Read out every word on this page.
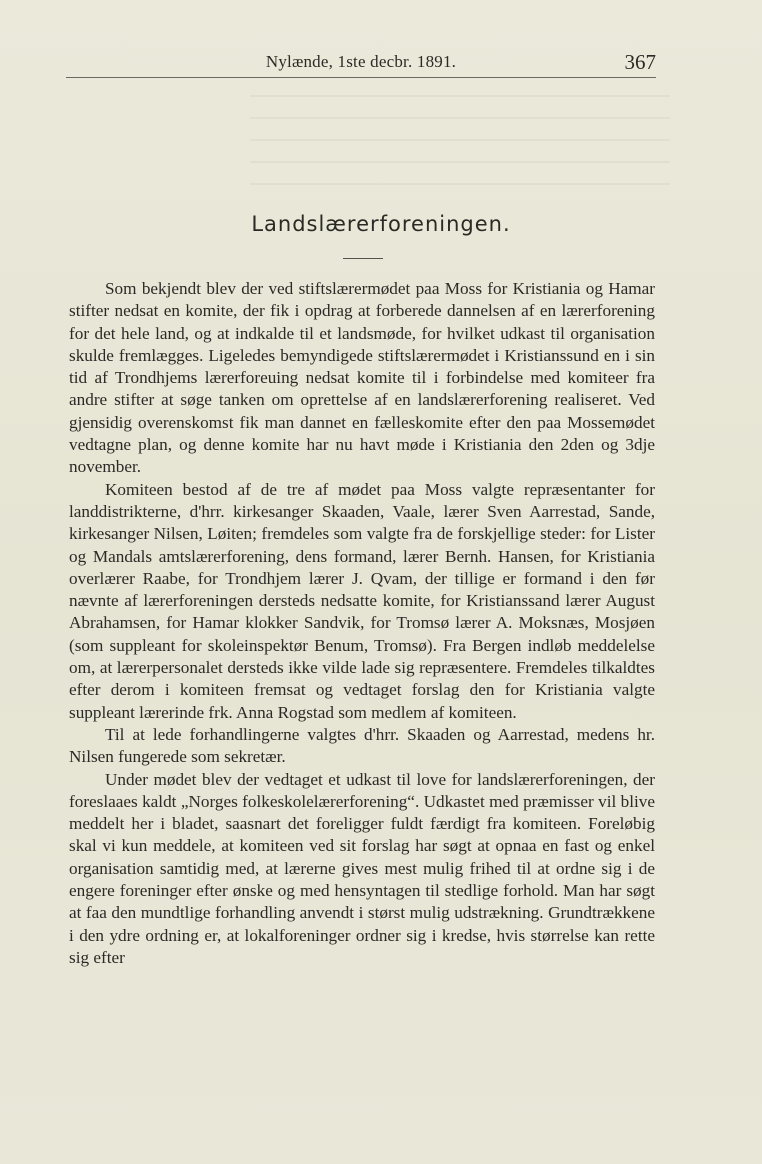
Nylænde, 1ste decbr. 1891.	367
Landslærerforeningen.

Som bekjendt blev der ved stiftslærermødet paa Moss for Kristiania og Hamar stifter nedsat en komite, der fik i opdrag at forberede dannelsen af en lærerforening for det hele land, og at indkalde til et landsmøde, for hvilket udkast til organisation skulde fremlægges. Ligeledes bemyndigede stiftslærermødet i Kristianssund en i sin tid af Trondhjems lærerforeuing nedsat komite til i forbindelse med komiteer fra andre stifter at søge tanken om oprettelse af en landslærerforening realiseret. Ved gjensidig overenskomst fik man dannet en fælleskomite efter den paa Mossemødet vedtagne plan, og denne komite har nu havt møde i Kristiania den 2den og 3dje november.

Komiteen bestod af de tre af mødet paa Moss valgte repræsentanter for landdistrikterne, d'hrr. kirkesanger Skaaden, Vaale, lærer Sven Aarrestad, Sande, kirkesanger Nilsen, Løiten; fremdeles som valgte fra de forskjellige steder: for Lister og Mandals amtslærerforening, dens formand, lærer Bernh. Hansen, for Kristiania overlærer Raabe, for Trondhjem lærer J. Qvam, der tillige er formand i den før nævnte af lærerforeningen dersteds nedsatte komite, for Kristianssand lærer August Abrahamsen, for Hamar klokker Sandvik, for Tromsø lærer A. Moksnæs, Mosjøen (som suppleant for skoleinspektør Benum, Tromsø). Fra Bergen indløb meddelelse om, at lærerpersonalet dersteds ikke vilde lade sig repræsentere. Fremdeles tilkaldtes efter derom i komiteen fremsat og vedtaget forslag den for Kristiania valgte suppleant lærerinde frk. Anna Rogstad som medlem af komiteen.

Til at lede forhandlingerne valgtes d'hrr. Skaaden og Aarrestad, medens hr. Nilsen fungerede som sekretær.

Under mødet blev der vedtaget et udkast til love for landslærerforeningen, der foreslaaes kaldt „Norges folkeskolelærerforening“. Udkastet med præmisser vil blive meddelt her i bladet, saasnart det foreligger fuldt færdigt fra komiteen. Foreløbig skal vi kun meddele, at komiteen ved sit forslag har søgt at opnaa en fast og enkel organisation samtidig med, at lærerne gives mest mulig frihed til at ordne sig i de engere foreninger efter ønske og med hensyntagen til stedlige forhold. Man har søgt at faa den mundtlige forhandling anvendt i størst mulig udstrækning. Grundtrækkene i den ydre ordning er, at lokalforeninger ordner sig i kredse, hvis størrelse kan rette sig efter
